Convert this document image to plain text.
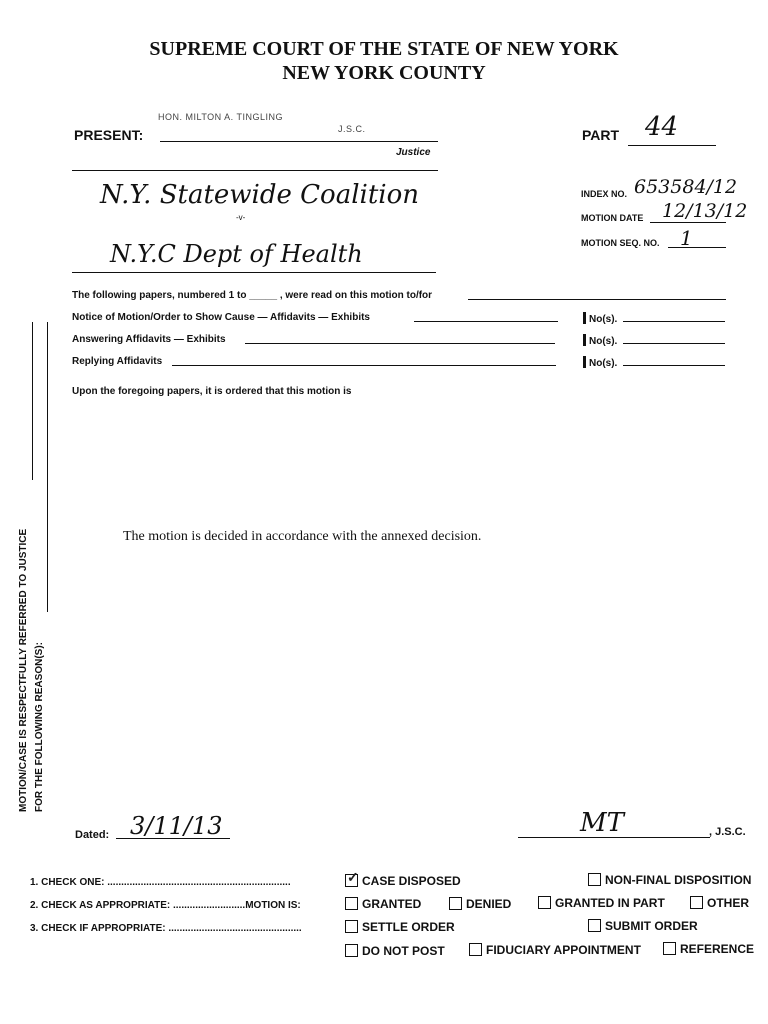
SUPREME COURT OF THE STATE OF NEW YORK
NEW YORK COUNTY
PRESENT:
HON. MILTON A. TINGLING
J.S.C.
Justice
PART 44
N.Y. Statewide Coalition
-v-
N.Y.C Dept of Health
INDEX NO. 653584/12
MOTION DATE 12/13/12
MOTION SEQ. NO. 1
The following papers, numbered 1 to _____ , were read on this motion to/for
Notice of Motion/Order to Show Cause — Affidavits — Exhibits	No(s).
Answering Affidavits — Exhibits	No(s).
Replying Affidavits	No(s).
Upon the foregoing papers, it is ordered that this motion is
The motion is decided in accordance with the annexed decision.
MOTION/CASE IS RESPECTFULLY REFERRED TO JUSTICE FOR THE FOLLOWING REASON(S):
Dated: 3/11/13	MT	, J.S.C.
1. CHECK ONE: ..................................................................
2. CHECK AS APPROPRIATE: ..........................MOTION IS:
3. CHECK IF APPROPRIATE: ................................................
✓CASE DISPOSED	NON-FINAL DISPOSITION
GRANTED	DENIED	GRANTED IN PART	OTHER
SETTLE ORDER	SUBMIT ORDER
DO NOT POST	FIDUCIARY APPOINTMENT	REFERENCE
